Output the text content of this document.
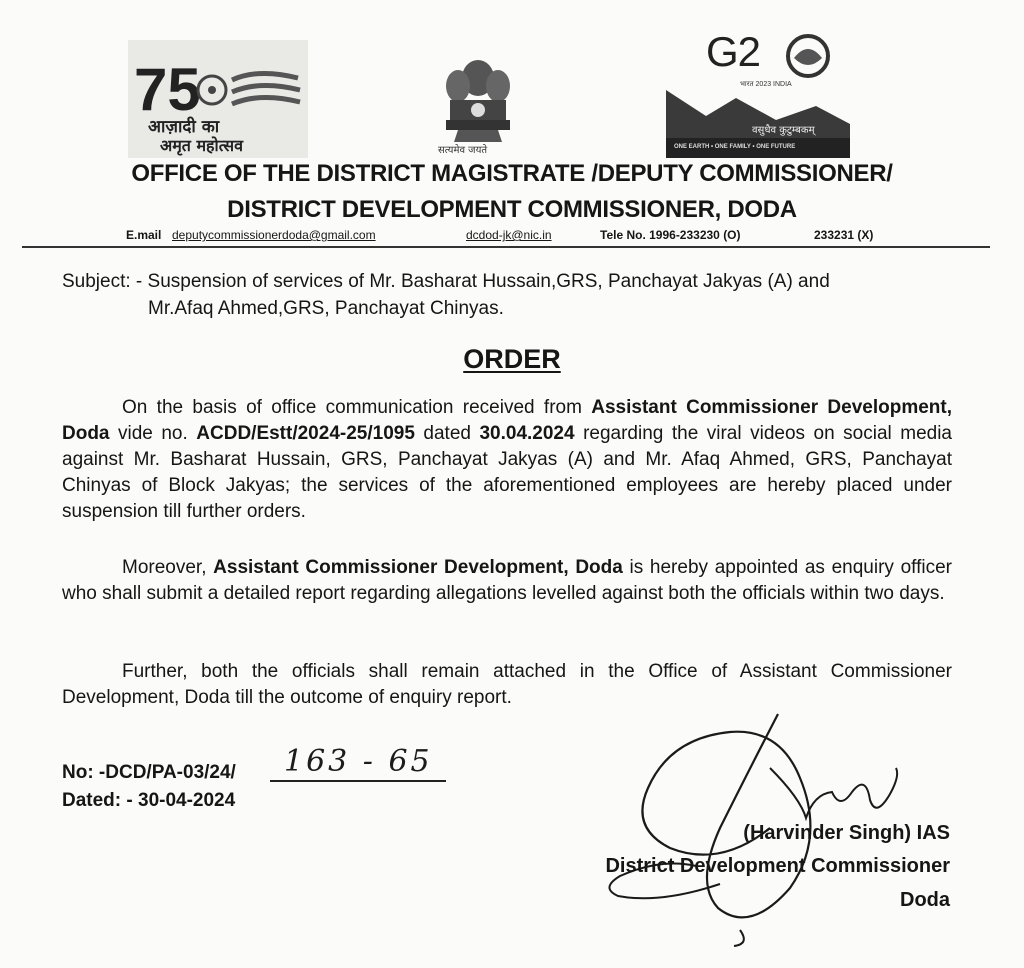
75
आज़ादी का
अमृत महोत्सव	सत्यमेव जयते
G2
भारत 2023 INDIA
वसुधैव कुटुम्बकम्
ONE EARTH • ONE FAMILY • ONE FUTURE
OFFICE OF THE DISTRICT MAGISTRATE /DEPUTY COMMISSIONER/
DISTRICT DEVELOPMENT COMMISSIONER, DODA
E.mail deputycommissionerdoda@gmail.com	dcdod-jk@nic.in	Tele No. 1996-233230 (O)	233231 (X)
Subject: - Suspension of services of Mr. Basharat Hussain,GRS, Panchayat Jakyas (A) and
Mr.Afaq Ahmed,GRS, Panchayat Chinyas.
ORDER
On the basis of office communication received from Assistant Commissioner Development, Doda vide no. ACDD/Estt/2024-25/1095 dated 30.04.2024 regarding the viral videos on social media against Mr. Basharat Hussain, GRS, Panchayat Jakyas (A) and Mr. Afaq Ahmed, GRS, Panchayat Chinyas of Block Jakyas; the services of the aforementioned employees are hereby placed under suspension till further orders.
Moreover, Assistant Commissioner Development, Doda is hereby appointed as enquiry officer who shall submit a detailed report regarding allegations levelled against both the officials within two days.
Further, both the officials shall remain attached in the Office of Assistant Commissioner Development, Doda till the outcome of enquiry report.
No: -DCD/PA-03/24/ 163 - 65
Dated: - 30-04-2024
(Harvinder Singh) IAS
District Development Commissioner
Doda
